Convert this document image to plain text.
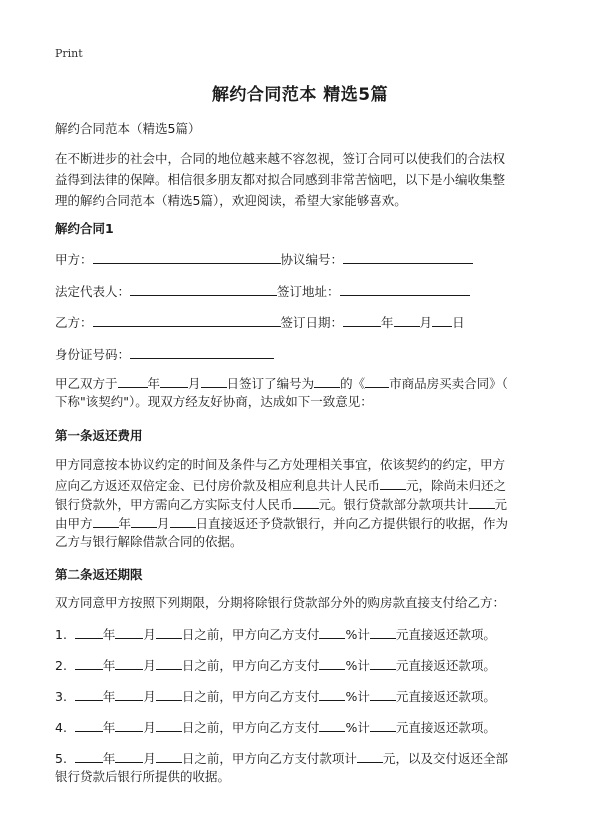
Print
解约合同范本 精选5篇
解约合同范本（精选5篇）
在不断进步的社会中，合同的地位越来越不容忽视，签订合同可以使我们的合法权
益得到法律的保障。相信很多朋友都对拟合同感到非常苦恼吧，以下是小编收集整
理的解约合同范本（精选5篇），欢迎阅读，希望大家能够喜欢。
解约合同1
甲方：	协议编号：
法定代表人：	签订地址：
乙方：	签订日期：	年 月 日
身份证号码：
甲乙双方于 年 月 日签订了编号为 的《 市商品房买卖合同》（
下称"该契约"）。现双方经友好协商，达成如下一致意见：
第一条返还费用
甲方同意按本协议约定的时间及条件与乙方处理相关事宜，依该契约的约定，甲方
应向乙方返还双倍定金、已付房价款及相应利息共计人民币 元，除尚未归还之
银行贷款外，甲方需向乙方实际支付人民币 元。银行贷款部分款项共计 元
由甲方 年 月 日直接返还予贷款银行，并向乙方提供银行的收据，作为
乙方与银行解除借款合同的依据。
第二条返还期限
双方同意甲方按照下列期限，分期将除银行贷款部分外的购房款直接支付给乙方：
1.	年 月 日之前，甲方向乙方支付 %计 元直接返还款项。
2.	年 月 日之前，甲方向乙方支付 %计 元直接返还款项。
3.	年 月 日之前，甲方向乙方支付 %计 元直接返还款项。
4.	年 月 日之前，甲方向乙方支付 %计 元直接返还款项。
5.	年 月 日之前，甲方向乙方支付款项计 元，以及交付返还全部
银行贷款后银行所提供的收据。
